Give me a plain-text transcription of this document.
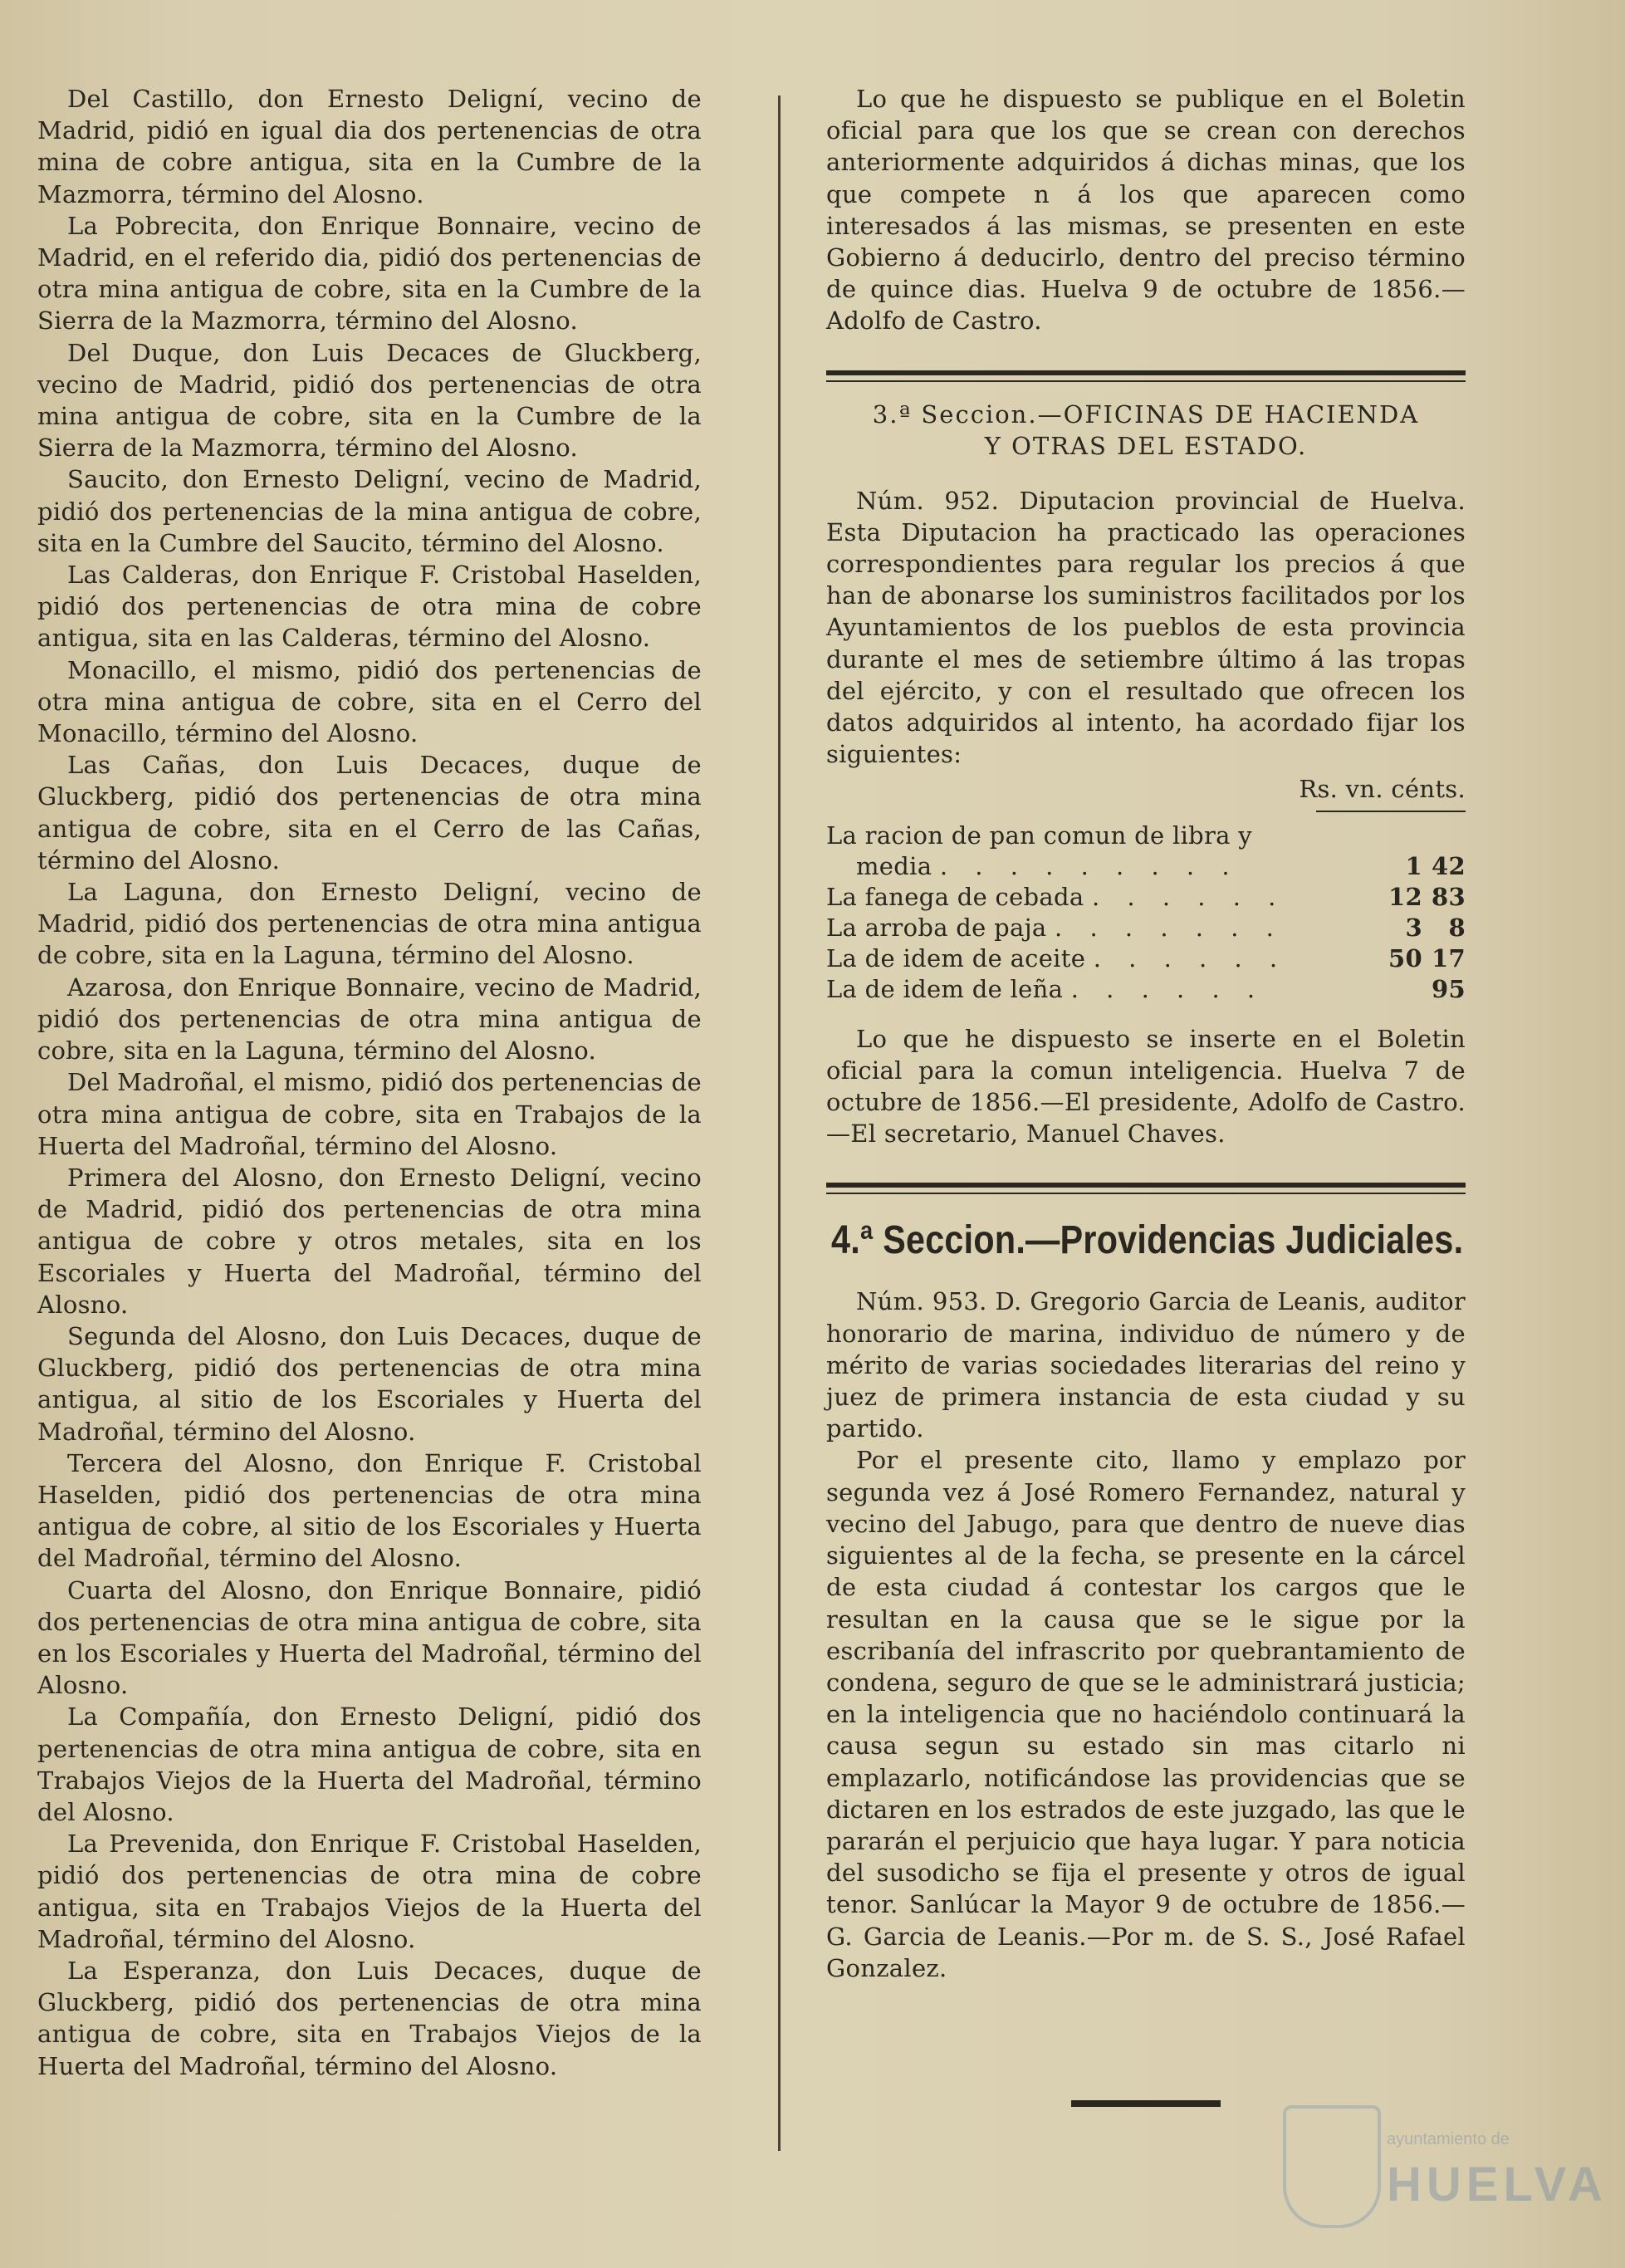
Del Castillo, don Ernesto Deligní, vecino de Madrid, pidió en igual dia dos pertenencias de otra mina de cobre antigua, sita en la Cumbre de la Mazmorra, término del Alosno.

La Pobrecita, don Enrique Bonnaire, vecino de Madrid, en el referido dia, pidió dos pertenencias de otra mina antigua de cobre, sita en la Cumbre de la Sierra de la Mazmorra, término del Alosno.

Del Duque, don Luis Decaces de Gluckberg, vecino de Madrid, pidió dos pertenencias de otra mina antigua de cobre, sita en la Cumbre de la Sierra de la Mazmorra, término del Alosno.

Saucito, don Ernesto Deligní, vecino de Madrid, pidió dos pertenencias de la mina antigua de cobre, sita en la Cumbre del Saucito, término del Alosno.

Las Calderas, don Enrique F. Cristobal Haselden, pidió dos pertenencias de otra mina de cobre antigua, sita en las Calderas, término del Alosno.

Monacillo, el mismo, pidió dos pertenencias de otra mina antigua de cobre, sita en el Cerro del Monacillo, término del Alosno.

Las Cañas, don Luis Decaces, duque de Gluckberg, pidió dos pertenencias de otra mina antigua de cobre, sita en el Cerro de las Cañas, término del Alosno.

La Laguna, don Ernesto Deligní, vecino de Madrid, pidió dos pertenencias de otra mina antigua de cobre, sita en la Laguna, término del Alosno.

Azarosa, don Enrique Bonnaire, vecino de Madrid, pidió dos pertenencias de otra mina antigua de cobre, sita en la Laguna, término del Alosno.

Del Madroñal, el mismo, pidió dos pertenencias de otra mina antigua de cobre, sita en Trabajos de la Huerta del Madroñal, término del Alosno.

Primera del Alosno, don Ernesto Deligní, vecino de Madrid, pidió dos pertenencias de otra mina antigua de cobre y otros metales, sita en los Escoriales y Huerta del Madroñal, término del Alosno.

Segunda del Alosno, don Luis Decaces, duque de Gluckberg, pidió dos pertenencias de otra mina antigua, al sitio de los Escoriales y Huerta del Madroñal, término del Alosno.

Tercera del Alosno, don Enrique F. Cristobal Haselden, pidió dos pertenencias de otra mina antigua de cobre, al sitio de los Escoriales y Huerta del Madroñal, término del Alosno.

Cuarta del Alosno, don Enrique Bonnaire, pidió dos pertenencias de otra mina antigua de cobre, sita en los Escoriales y Huerta del Madroñal, término del Alosno.

La Compañía, don Ernesto Deligní, pidió dos pertenencias de otra mina antigua de cobre, sita en Trabajos Viejos de la Huerta del Madroñal, término del Alosno.

La Prevenida, don Enrique F. Cristobal Haselden, pidió dos pertenencias de otra mina de cobre antigua, sita en Trabajos Viejos de la Huerta del Madroñal, término del Alosno.

La Esperanza, don Luis Decaces, duque de Gluckberg, pidió dos pertenencias de otra mina antigua de cobre, sita en Trabajos Viejos de la Huerta del Madroñal, término del Alosno.

Lo que he dispuesto se publique en el Boletin oficial para que los que se crean con derechos anteriormente adquiridos á dichas minas, que los que compete n á los que aparecen como interesados á las mismas, se presenten en este Gobierno á deducirlo, dentro del preciso término de quince dias. Huelva 9 de octubre de 1856.—Adolfo de Castro.

3.ª Seccion.—OFICINAS DE HACIENDA
Y OTRAS DEL ESTADO.

Núm. 952. Diputacion provincial de Huelva. Esta Diputacion ha practicado las operaciones correspondientes para regular los precios á que han de abonarse los suministros facilitados por los Ayuntamientos de los pueblos de esta provincia durante el mes de setiembre último á las tropas del ejército, y con el resultado que ofrecen los datos adquiridos al intento, ha acordado fijar los siguientes:

Rs. vn. cénts.
La racion de pan comun de libra y		
media . . . . . . . . .	1	42
La fanega de cebada . . . . . .	12	83
La arroba de paja . . . . . . .	3	8
La de idem de aceite . . . . . .	50	17
La de idem de leña . . . . . .		95

Lo que he dispuesto se inserte en el Boletin oficial para la comun inteligencia. Huelva 7 de octubre de 1856.—El presidente, Adolfo de Castro.—El secretario, Manuel Chaves.

4.ª Seccion.—Providencias Judiciales.

Núm. 953. D. Gregorio Garcia de Leanis, auditor honorario de marina, individuo de número y de mérito de varias sociedades literarias del reino y juez de primera instancia de esta ciudad y su partido.

Por el presente cito, llamo y emplazo por segunda vez á José Romero Fernandez, natural y vecino del Jabugo, para que dentro de nueve dias siguientes al de la fecha, se presente en la cárcel de esta ciudad á contestar los cargos que le resultan en la causa que se le sigue por la escribanía del infrascrito por quebrantamiento de condena, seguro de que se le administrará justicia; en la inteligencia que no haciéndolo continuará la causa segun su estado sin mas citarlo ni emplazarlo, notificándose las providencias que se dictaren en los estrados de este juzgado, las que le pararán el perjuicio que haya lugar. Y para noticia del susodicho se fija el presente y otros de igual tenor. Sanlúcar la Mayor 9 de octubre de 1856.—G. Garcia de Leanis.—Por m. de S. S., José Rafael Gonzalez.

ayuntamiento de
HUELVA
